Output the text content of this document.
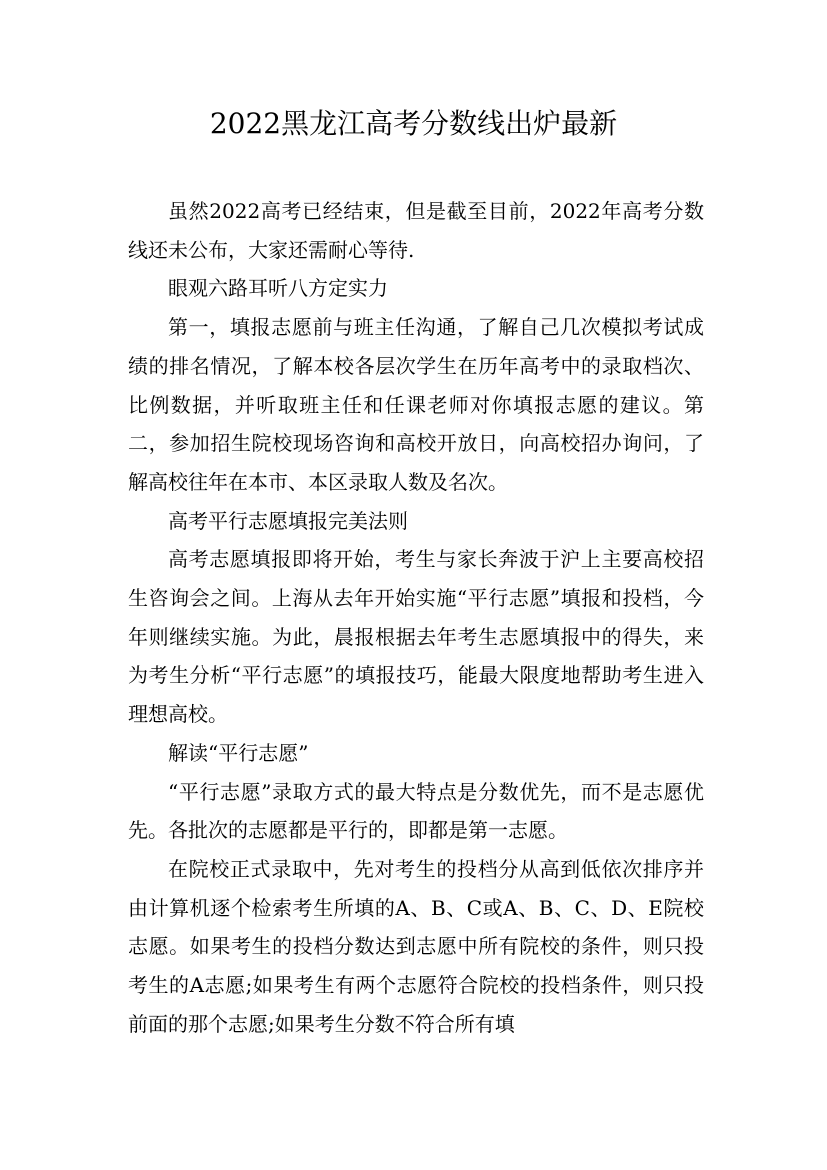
2022黑龙江高考分数线出炉最新

虽然2022高考已经结束，但是截至目前，2022年高考分数线还未公布，大家还需耐心等待.

眼观六路耳听八方定实力

第一，填报志愿前与班主任沟通，了解自己几次模拟考试成绩的排名情况，了解本校各层次学生在历年高考中的录取档次、比例数据，并听取班主任和任课老师对你填报志愿的建议。第二，参加招生院校现场咨询和高校开放日，向高校招办询问，了解高校往年在本市、本区录取人数及名次。

高考平行志愿填报完美法则

高考志愿填报即将开始，考生与家长奔波于沪上主要高校招生咨询会之间。上海从去年开始实施“平行志愿”填报和投档，今年则继续实施。为此，晨报根据去年考生志愿填报中的得失，来为考生分析“平行志愿”的填报技巧，能最大限度地帮助考生进入理想高校。

解读“平行志愿”

“平行志愿”录取方式的最大特点是分数优先，而不是志愿优先。各批次的志愿都是平行的，即都是第一志愿。

在院校正式录取中，先对考生的投档分从高到低依次排序并由计算机逐个检索考生所填的A、B、C或A、B、C、D、E院校志愿。如果考生的投档分数达到志愿中所有院校的条件，则只投考生的A志愿;如果考生有两个志愿符合院校的投档条件，则只投前面的那个志愿;如果考生分数不符合所有填
